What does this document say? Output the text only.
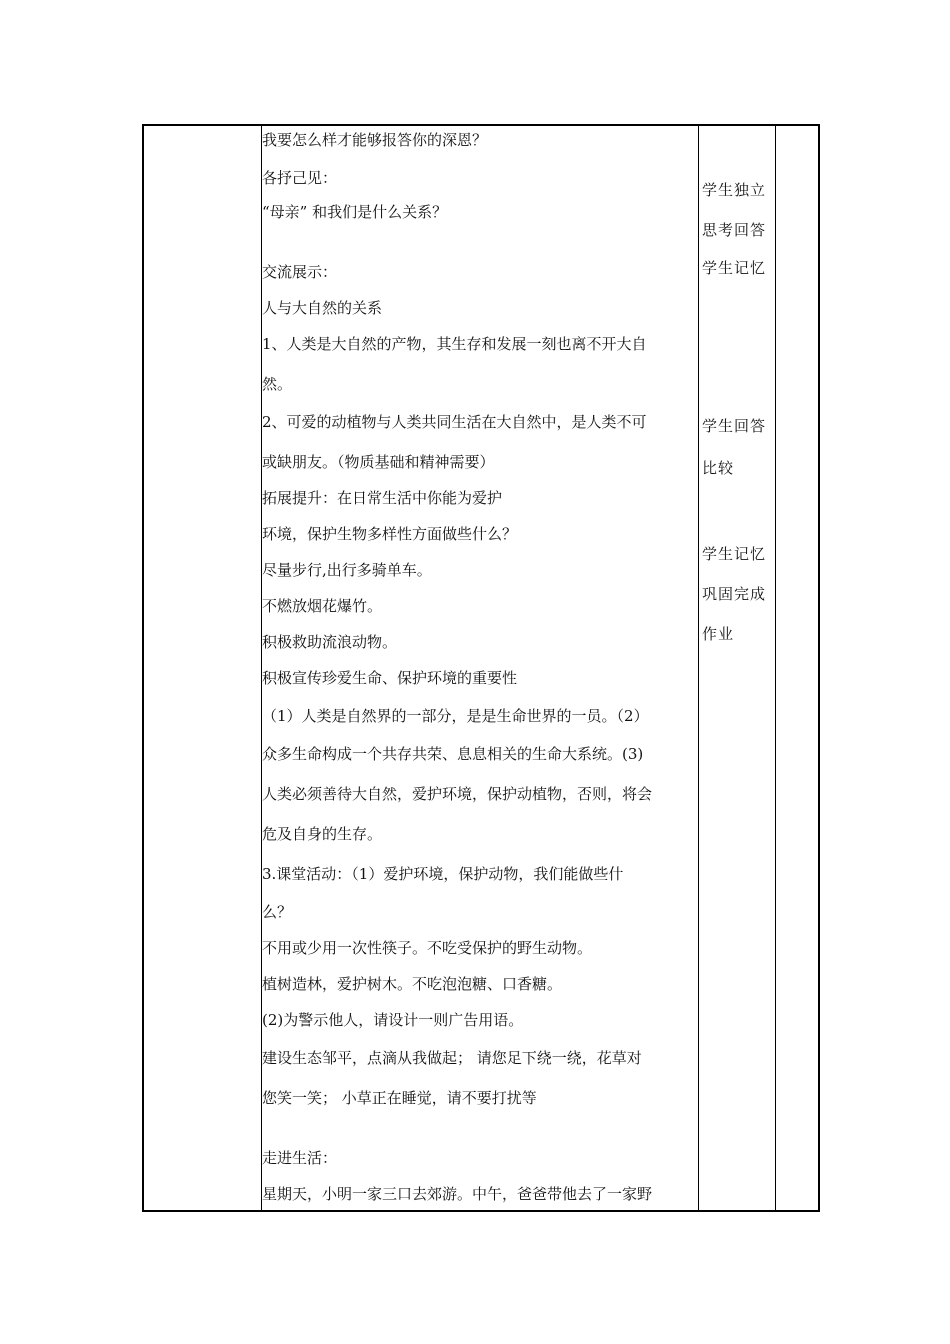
我要怎么样才能够报答你的深恩？
各抒己见：
“母亲” 和我们是什么关系？
交流展示：
人与大自然的关系
1、人类是大自然的产物，其生存和发展一刻也离不开大自
然。
2、可爱的动植物与人类共同生活在大自然中，是人类不可
或缺朋友。（物质基础和精神需要）
拓展提升：在日常生活中你能为爱护
环境，保护生物多样性方面做些什么？
尽量步行,出行多骑单车。
不燃放烟花爆竹。
积极救助流浪动物。
积极宣传珍爱生命、保护环境的重要性
（1）人类是自然界的一部分，是是生命世界的一员。（2）
众多生命构成一个共存共荣、息息相关的生命大系统。(3)
人类必须善待大自然，爱护环境，保护动植物，否则，将会
危及自身的生存。
3.课堂活动：（1）爱护环境，保护动物，我们能做些什
么？
不用或少用一次性筷子。不吃受保护的野生动物。
植树造林，爱护树木。不吃泡泡糖、口香糖。
(2)为警示他人，请设计一则广告用语。
建设生态邹平，点滴从我做起； 请您足下绕一绕，花草对
您笑一笑； 小草正在睡觉，请不要打扰等
走进生活：
星期天，小明一家三口去郊游。中午，爸爸带他去了一家野
学生独立
思考回答
学生记忆
学生回答
比较
学生记忆
巩固完成
作业
